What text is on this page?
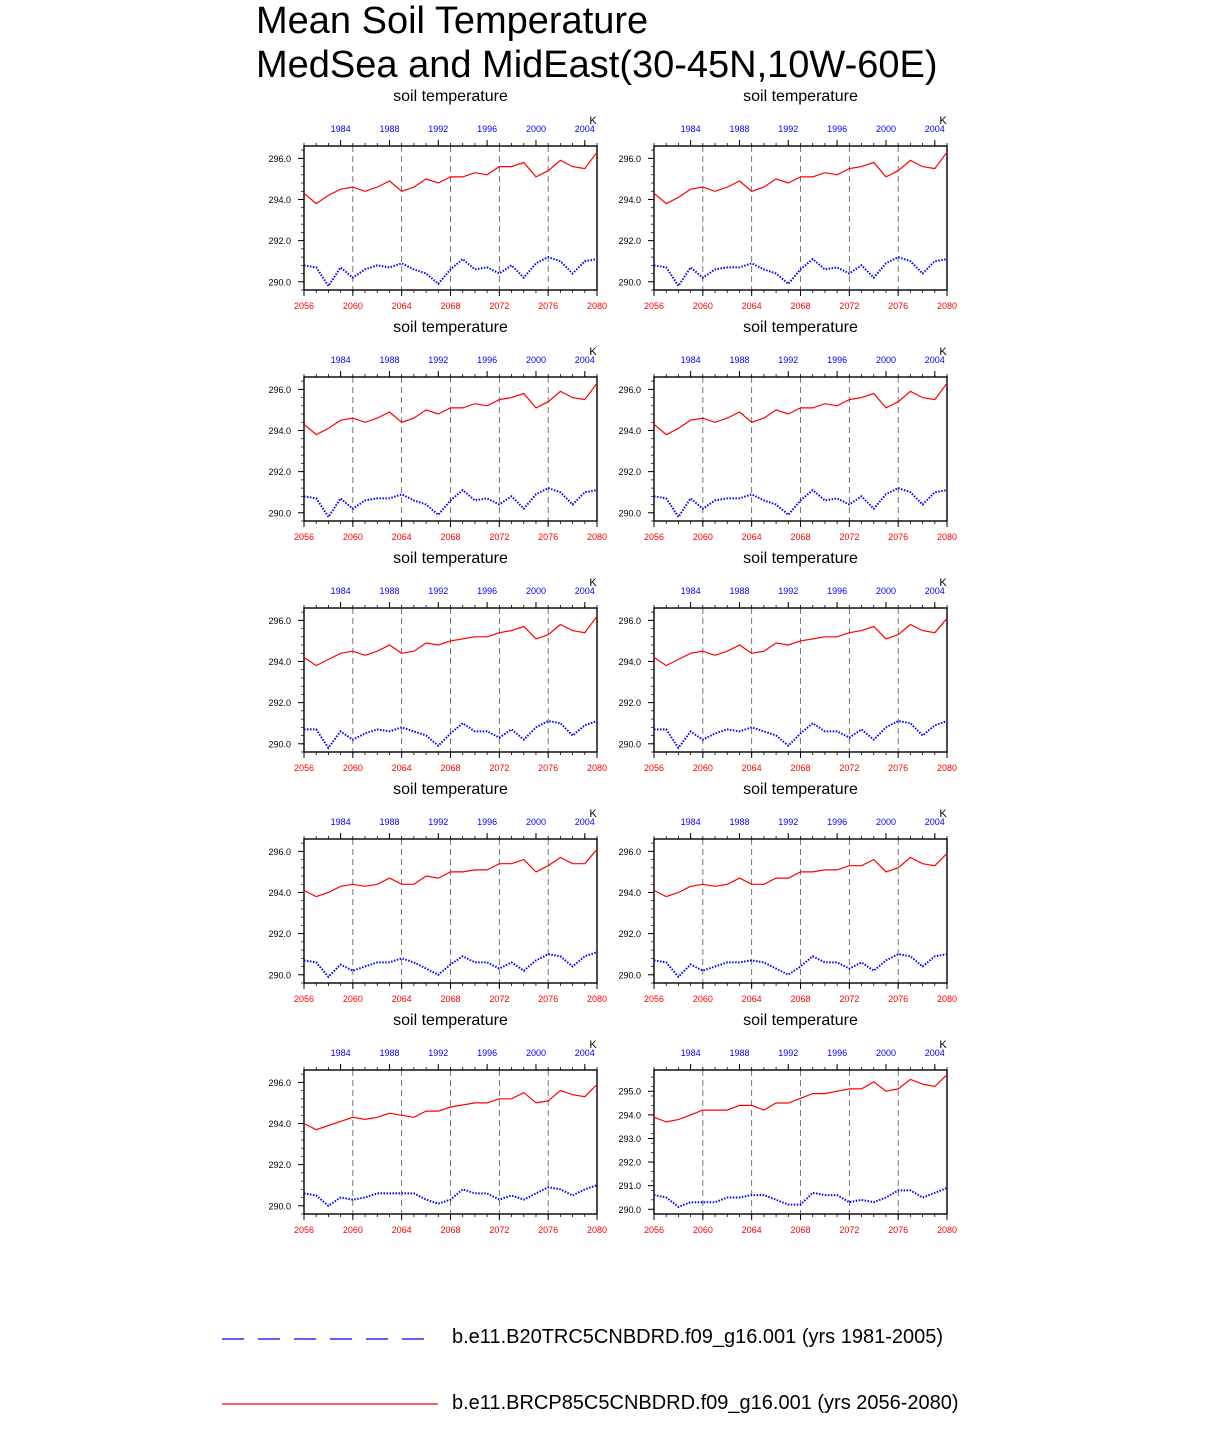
Mean Soil Temperature
MedSea and MidEast(30-45N,10W-60E)
soil temperature
K
2056	2060	2064	2068	2072	2076	2080
1984	1988	1992	1996	2000	2004
290.0
292.0
294.0
296.0
soil temperature
K
2056	2060	2064	2068	2072	2076	2080
1984	1988	1992	1996	2000	2004
290.0
292.0
294.0
296.0
soil temperature
K
2056	2060	2064	2068	2072	2076	2080
1984	1988	1992	1996	2000	2004
290.0
292.0
294.0
296.0
soil temperature
K
2056	2060	2064	2068	2072	2076	2080
1984	1988	1992	1996	2000	2004
290.0
292.0
294.0
296.0
soil temperature
K
2056	2060	2064	2068	2072	2076	2080
1984	1988	1992	1996	2000	2004
290.0
292.0
294.0
296.0
soil temperature
K
2056	2060	2064	2068	2072	2076	2080
1984	1988	1992	1996	2000	2004
290.0
292.0
294.0
296.0
soil temperature
K
2056	2060	2064	2068	2072	2076	2080
1984	1988	1992	1996	2000	2004
290.0
292.0
294.0
296.0
soil temperature
K
2056	2060	2064	2068	2072	2076	2080
1984	1988	1992	1996	2000	2004
290.0
292.0
294.0
296.0
soil temperature
K
2056	2060	2064	2068	2072	2076	2080
1984	1988	1992	1996	2000	2004
290.0
292.0
294.0
296.0
soil temperature
K
2056	2060	2064	2068	2072	2076	2080
1984	1988	1992	1996	2000	2004
290.0
291.0
292.0
293.0
294.0
295.0
b.e11.B20TRC5CNBDRD.f09_g16.001 (yrs 1981-2005)
b.e11.BRCP85C5CNBDRD.f09_g16.001 (yrs 2056-2080)
